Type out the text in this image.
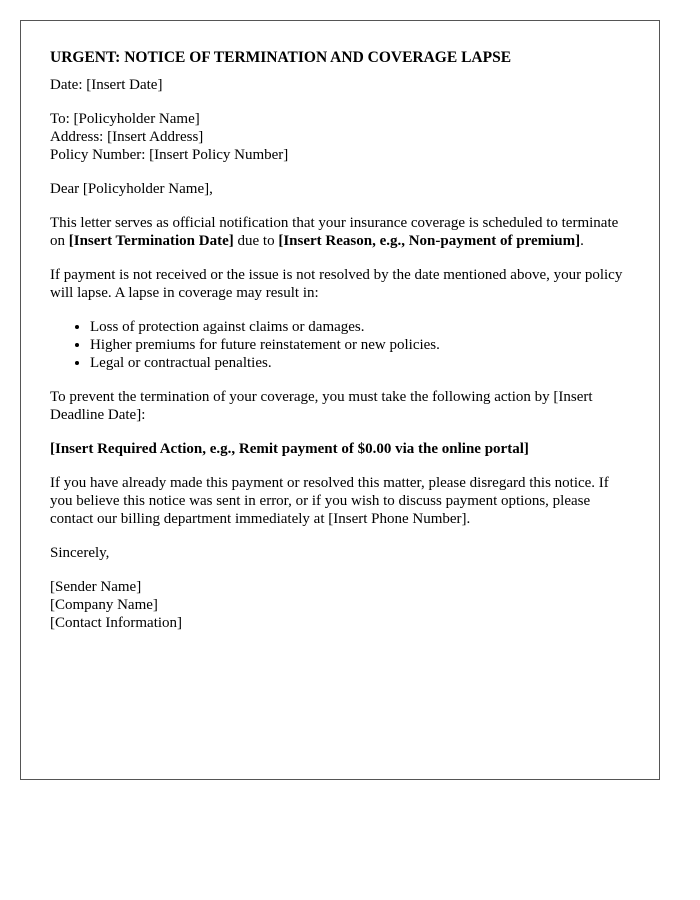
URGENT: NOTICE OF TERMINATION AND COVERAGE LAPSE

Date: [Insert Date]

To: [Policyholder Name]
Address: [Insert Address]
Policy Number: [Insert Policy Number]

Dear [Policyholder Name],

This letter serves as official notification that your insurance coverage is scheduled to terminate on [Insert Termination Date] due to [Insert Reason, e.g., Non-payment of premium].

If payment is not received or the issue is not resolved by the date mentioned above, your policy will lapse. A lapse in coverage may result in:

• Loss of protection against claims or damages.
• Higher premiums for future reinstatement or new policies.
• Legal or contractual penalties.

To prevent the termination of your coverage, you must take the following action by [Insert Deadline Date]:

[Insert Required Action, e.g., Remit payment of $0.00 via the online portal]

If you have already made this payment or resolved this matter, please disregard this notice. If you believe this notice was sent in error, or if you wish to discuss payment options, please contact our billing department immediately at [Insert Phone Number].

Sincerely,

[Sender Name]
[Company Name]
[Contact Information]
